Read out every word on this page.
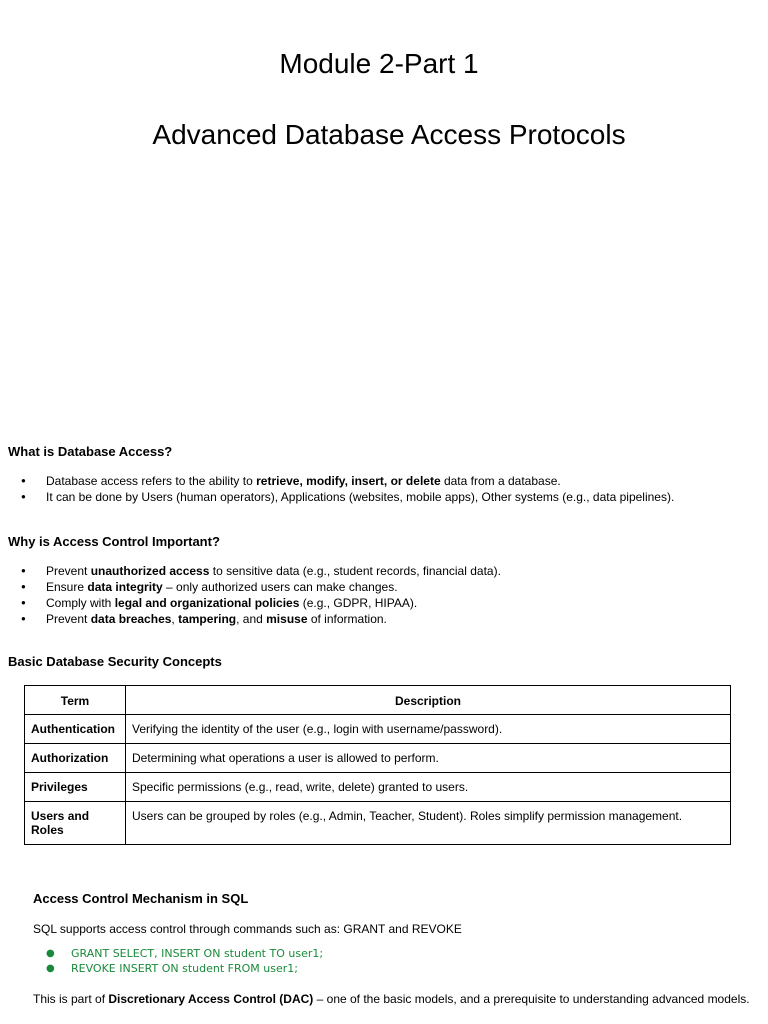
Module 2-Part 1
Advanced Database Access Protocols
What is Database Access?
● Database access refers to the ability to retrieve, modify, insert, or delete data from a database.
● It can be done by Users (human operators), Applications (websites, mobile apps), Other systems (e.g., data pipelines).
Why is Access Control Important?
● Prevent unauthorized access to sensitive data (e.g., student records, financial data).
● Ensure data integrity – only authorized users can make changes.
● Comply with legal and organizational policies (e.g., GDPR, HIPAA).
● Prevent data breaches, tampering, and misuse of information.
Basic Database Security Concepts
Term	Description
Authentication	Verifying the identity of the user (e.g., login with username/password).
Authorization	Determining what operations a user is allowed to perform.
Privileges	Specific permissions (e.g., read, write, delete) granted to users.
Users and Roles	Users can be grouped by roles (e.g., Admin, Teacher, Student). Roles simplify permission management.
Access Control Mechanism in SQL

SQL supports access control through commands such as: GRANT and REVOKE

● GRANT SELECT, INSERT ON student TO user1;
● REVOKE INSERT ON student FROM user1;

This is part of Discretionary Access Control (DAC) – one of the basic models, and a prerequisite to understanding advanced models.
